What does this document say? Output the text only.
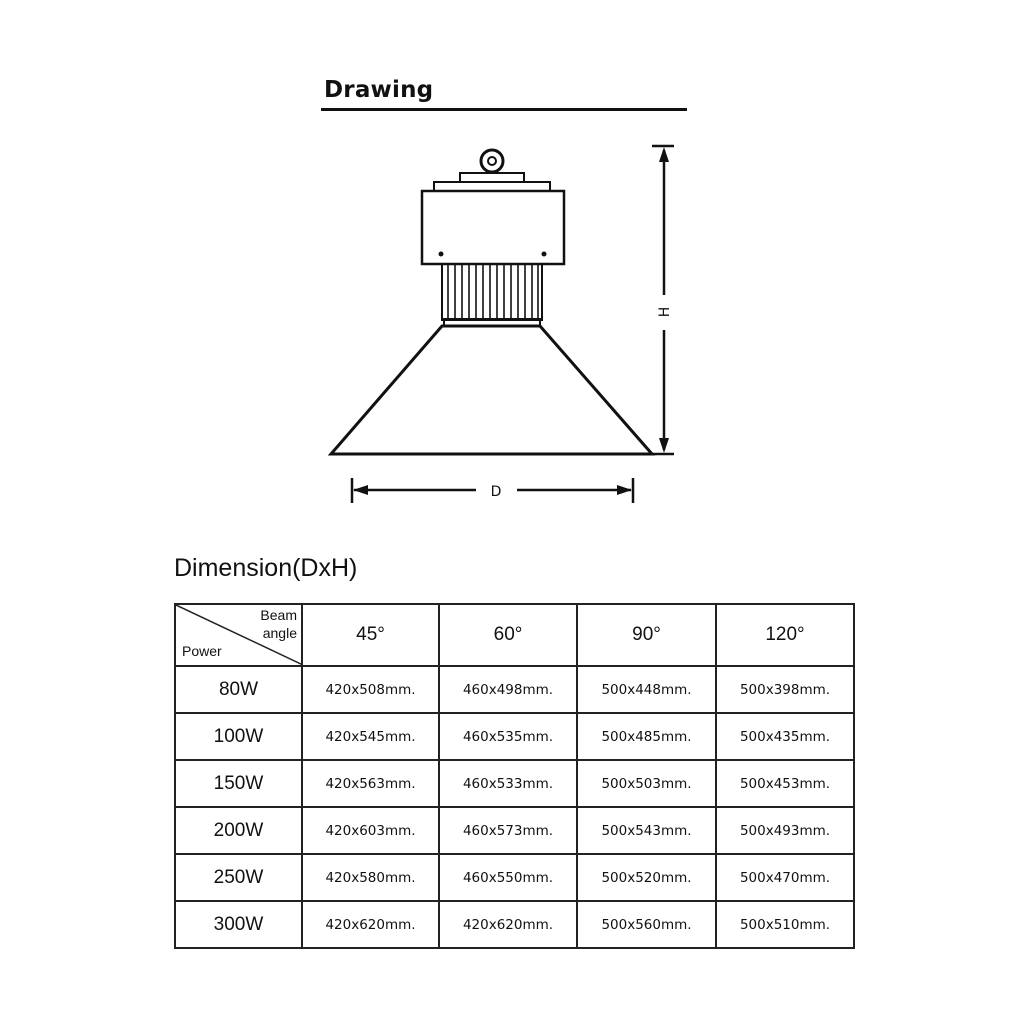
Drawing
H
D
Dimension(DxH)
Beam
angle
Power	45°	60°	90°	120°
80W	420x508mm.	460x498mm.	500x448mm.	500x398mm.
100W	420x545mm.	460x535mm.	500x485mm.	500x435mm.
150W	420x563mm.	460x533mm.	500x503mm.	500x453mm.
200W	420x603mm.	460x573mm.	500x543mm.	500x493mm.
250W	420x580mm.	460x550mm.	500x520mm.	500x470mm.
300W	420x620mm.	420x620mm.	500x560mm.	500x510mm.
